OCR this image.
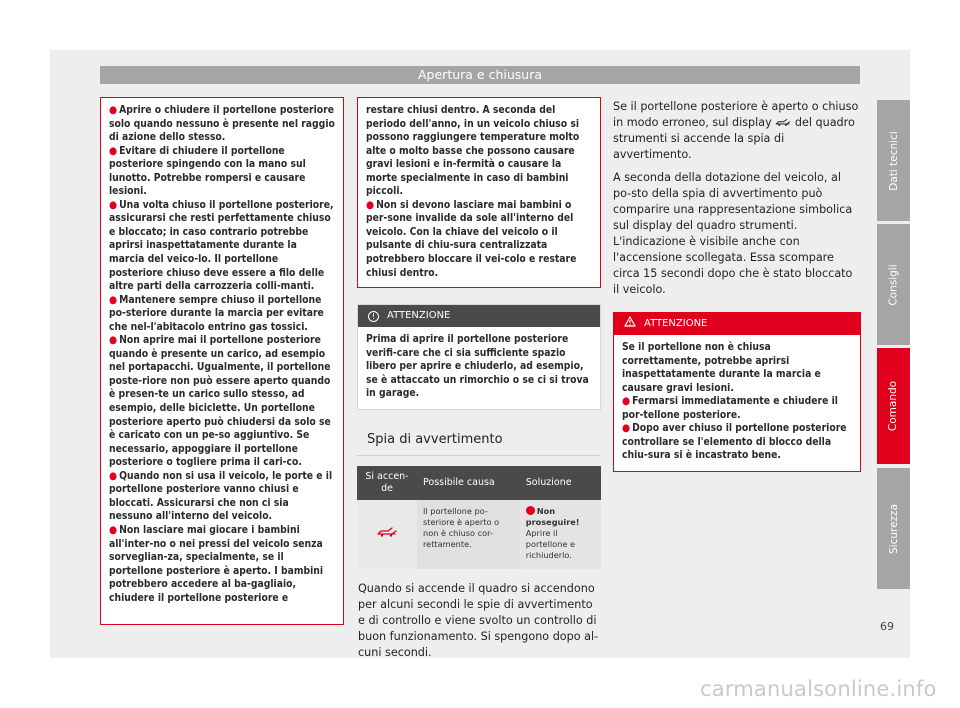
Apertura e chiusura

● Aprire o chiudere il portellone posteriore solo quando nessuno è presente nel raggio di azione dello stesso.

● Evitare di chiudere il portellone posteriore spingendo con la mano sul lunotto. Potrebbe rompersi e causare lesioni.

● Una volta chiuso il portellone posteriore, assicurarsi che resti perfettamente chiuso e bloccato; in caso contrario potrebbe aprirsi inaspettatamente durante la marcia del veico-lo. Il portellone posteriore chiuso deve essere a filo delle altre parti della carrozzeria colli-manti.

● Mantenere sempre chiuso il portellone po-steriore durante la marcia per evitare che nel-l'abitacolo entrino gas tossici.

● Non aprire mai il portellone posteriore quando è presente un carico, ad esempio nel portapacchi. Ugualmente, il portellone poste-riore non può essere aperto quando è presen-te un carico sullo stesso, ad esempio, delle biciclette. Un portellone posteriore aperto può chiudersi da solo se è caricato con un pe-so aggiuntivo. Se necessario, appoggiare il portellone posteriore o togliere prima il cari-co.

● Quando non si usa il veicolo, le porte e il portellone posteriore vanno chiusi e bloccati. Assicurarsi che non ci sia nessuno all'interno del veicolo.

● Non lasciare mai giocare i bambini all'inter-no o nei pressi del veicolo senza sorveglian-za, specialmente, se il portellone posteriore è aperto. I bambini potrebbero accedere al ba-gagliaio, chiudere il portellone posteriore e

restare chiusi dentro. A seconda del periodo dell'anno, in un veicolo chiuso si possono raggiungere temperature molto alte o molto basse che possono causare gravi lesioni e in-fermità o causare la morte specialmente in caso di bambini piccoli.

● Non si devono lasciare mai bambini o per-sone invalide da sole all'interno del veicolo. Con la chiave del veicolo o il pulsante di chiu-sura centralizzata potrebbero bloccare il vei-colo e restare chiusi dentro.

! ATTENZIONE
Prima di aprire il portellone posteriore verifi-care che ci sia sufficiente spazio libero per aprire e chiuderlo, ad esempio, se è attaccato un rimorchio o se ci si trova in garage.
Spia di avvertimento
Si accen-de	Possibile causa	Soluzione
	Il portellone po-steriore è aperto o non è chiuso cor-rettamente.	Non proseguire!
Aprire il portellone e richiuderlo.

Quando si accende il quadro si accendono per alcuni secondi le spie di avvertimento e di controllo e viene svolto un controllo di buon funzionamento. Si spengono dopo al-cuni secondi.

Se il portellone posteriore è aperto o chiuso in modo erroneo, sul display del quadro strumenti si accende la spia di avvertimento.

A seconda della dotazione del veicolo, al po-sto della spia di avvertimento può comparire una rappresentazione simbolica sul display del quadro strumenti. L'indicazione è visibile anche con l'accensione scollegata. Essa scompare circa 15 secondi dopo che è stato bloccato il veicolo.

ATTENZIONE

Se il portellone non è chiusa correttamente, potrebbe aprirsi inaspettatamente durante la marcia e causare gravi lesioni.

● Fermarsi immediatamente e chiudere il por-tellone posteriore.

● Dopo aver chiuso il portellone posteriore controllare se l'elemento di blocco della chiu-sura si è incastrato bene.

Dati tecnici
Consigli
Comando
Sicurezza
69
carmanualsonline.info
